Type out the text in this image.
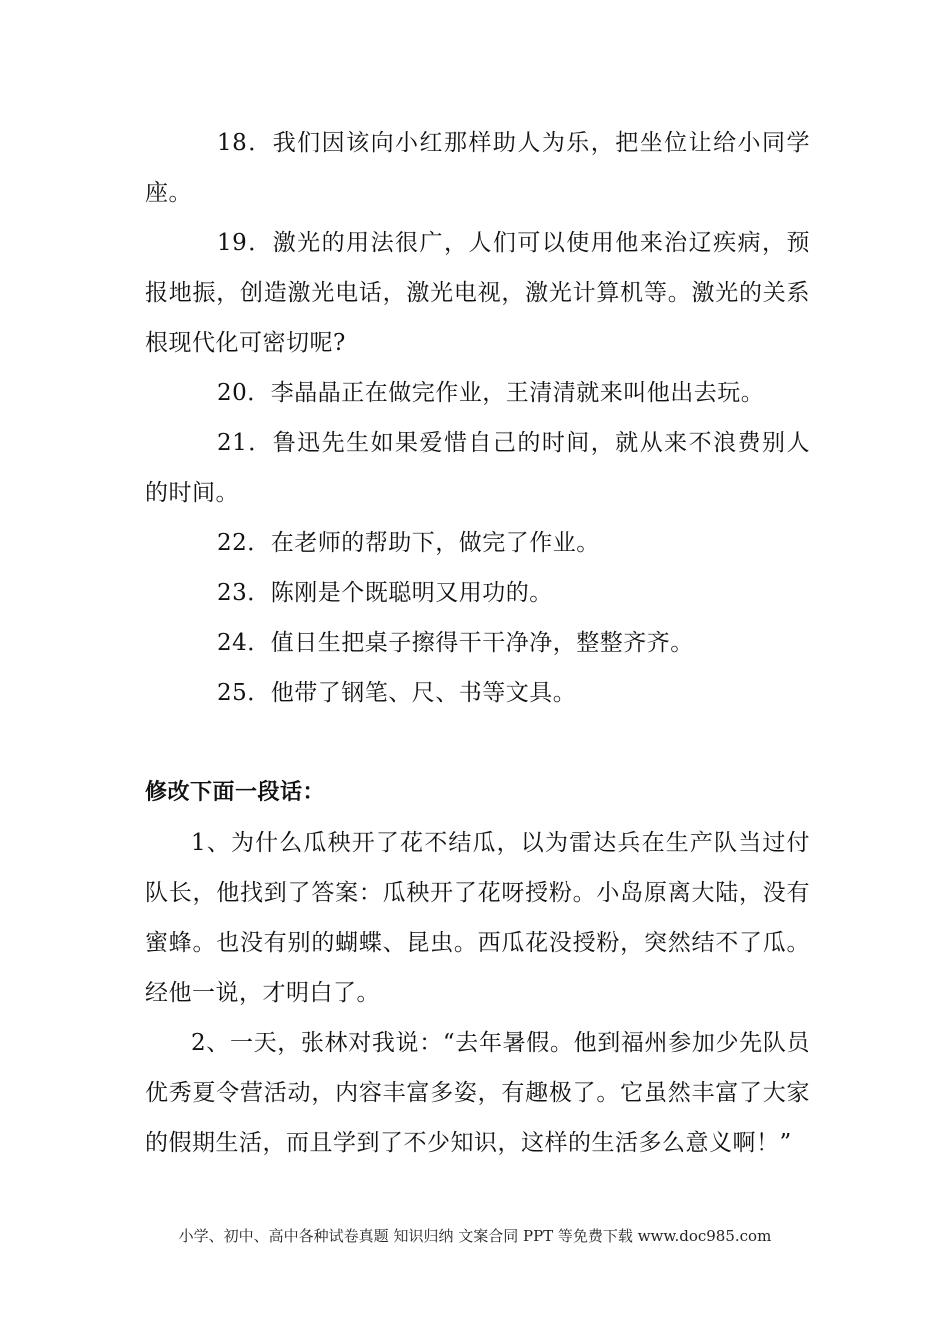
18．我们因该向小红那样助人为乐，把坐位让给小同学座。

19．激光的用法很广，人们可以使用他来治辽疾病，预报地振，创造激光电话，激光电视，激光计算机等。激光的关系根现代化可密切呢?

20．李晶晶正在做完作业，王清清就来叫他出去玩。

21．鲁迅先生如果爱惜自己的时间，就从来不浪费别人的时间。

22．在老师的帮助下，做完了作业。

23．陈刚是个既聪明又用功的。

24．值日生把桌子擦得干干净净，整整齐齐。

25．他带了钢笔、尺、书等文具。

修改下面一段话：

1、为什么瓜秧开了花不结瓜，以为雷达兵在生产队当过付队长，他找到了答案：瓜秧开了花呀授粉。小岛原离大陆，没有蜜蜂。也没有别的蝴蝶、昆虫。西瓜花没授粉，突然结不了瓜。经他一说，才明白了。

2、一天，张林对我说：“去年暑假。他到福州参加少先队员优秀夏令营活动，内容丰富多姿，有趣极了。它虽然丰富了大家的假期生活，而且学到了不少知识，这样的生活多么意义啊！”

小学、初中、高中各种试卷真题 知识归纳 文案合同 PPT 等免费下载 www.doc985.com
